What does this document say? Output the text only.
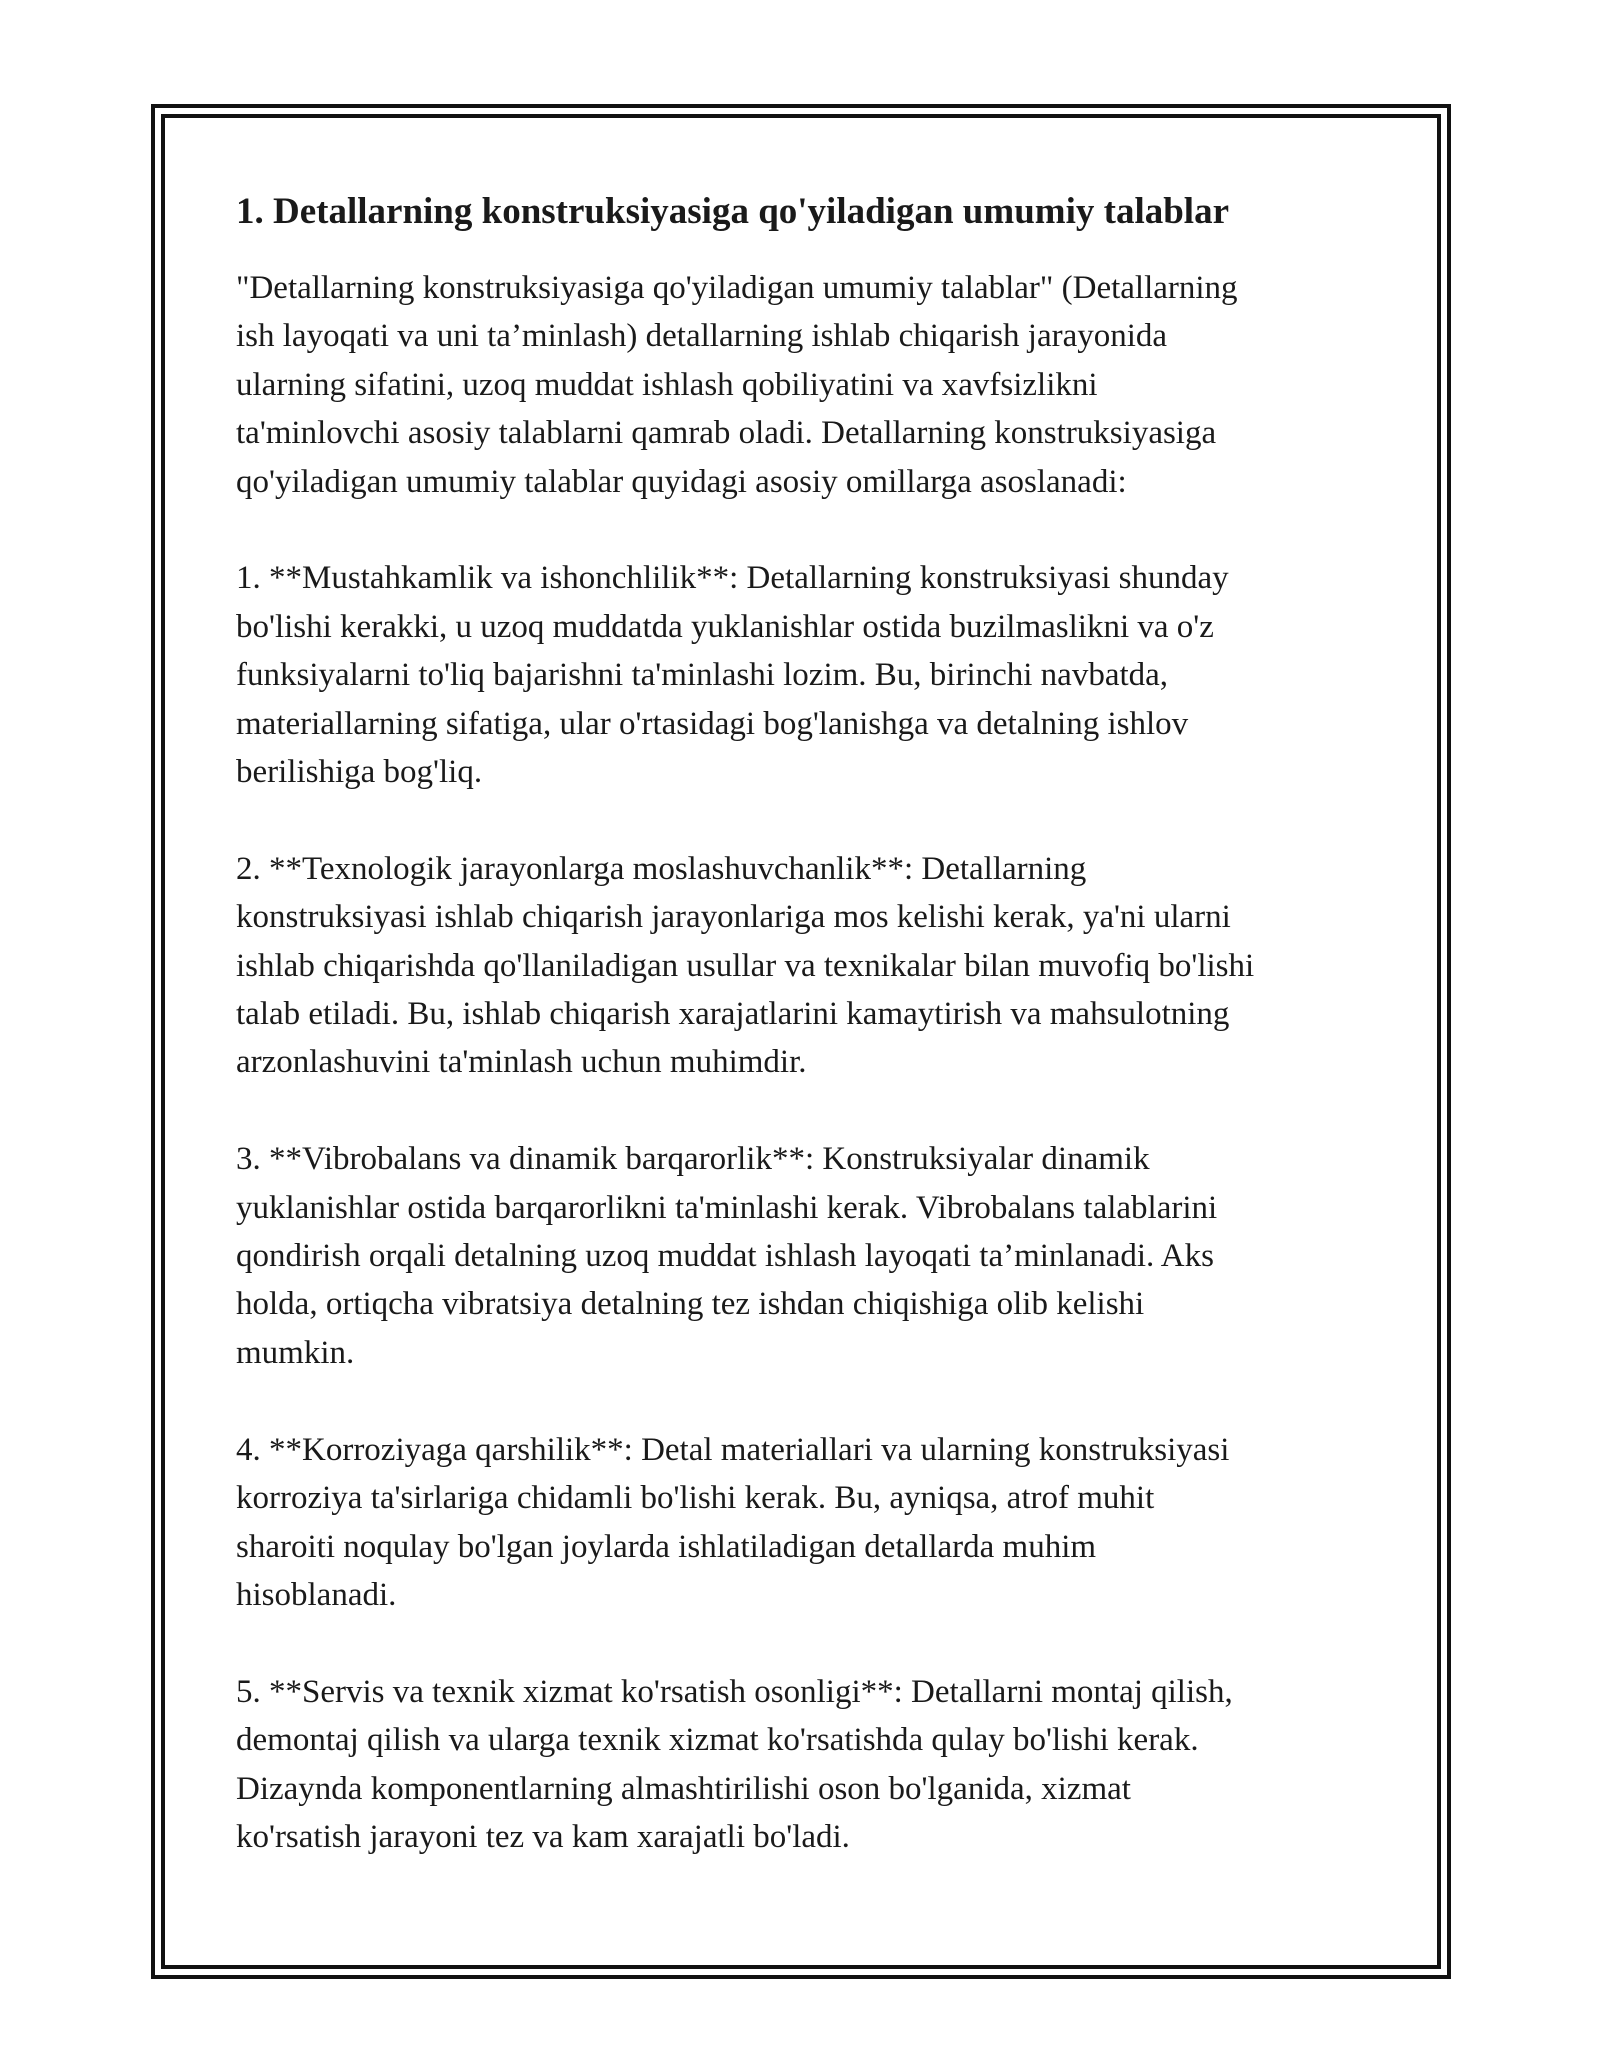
1. Detallarning konstruksiyasiga qo'yiladigan umumiy talablar
"Detallarning konstruksiyasiga qo'yiladigan umumiy talablar" (Detallarning
ish layoqati va uni ta’minlash) detallarning ishlab chiqarish jarayonida
ularning sifatini, uzoq muddat ishlash qobiliyatini va xavfsizlikni
ta'minlovchi asosiy talablarni qamrab oladi. Detallarning konstruksiyasiga
qo'yiladigan umumiy talablar quyidagi asosiy omillarga asoslanadi:
1. **Mustahkamlik va ishonchlilik**: Detallarning konstruksiyasi shunday
bo'lishi kerakki, u uzoq muddatda yuklanishlar ostida buzilmaslikni va o'z
funksiyalarni to'liq bajarishni ta'minlashi lozim. Bu, birinchi navbatda,
materiallarning sifatiga, ular o'rtasidagi bog'lanishga va detalning ishlov
berilishiga bog'liq.
2. **Texnologik jarayonlarga moslashuvchanlik**: Detallarning
konstruksiyasi ishlab chiqarish jarayonlariga mos kelishi kerak, ya'ni ularni
ishlab chiqarishda qo'llaniladigan usullar va texnikalar bilan muvofiq bo'lishi
talab etiladi. Bu, ishlab chiqarish xarajatlarini kamaytirish va mahsulotning
arzonlashuvini ta'minlash uchun muhimdir.
3. **Vibrobalans va dinamik barqarorlik**: Konstruksiyalar dinamik
yuklanishlar ostida barqarorlikni ta'minlashi kerak. Vibrobalans talablarini
qondirish orqali detalning uzoq muddat ishlash layoqati ta’minlanadi. Aks
holda, ortiqcha vibratsiya detalning tez ishdan chiqishiga olib kelishi
mumkin.
4. **Korroziyaga qarshilik**: Detal materiallari va ularning konstruksiyasi
korroziya ta'sirlariga chidamli bo'lishi kerak. Bu, ayniqsa, atrof muhit
sharoiti noqulay bo'lgan joylarda ishlatiladigan detallarda muhim
hisoblanadi.
5. **Servis va texnik xizmat ko'rsatish osonligi**: Detallarni montaj qilish,
demontaj qilish va ularga texnik xizmat ko'rsatishda qulay bo'lishi kerak.
Dizaynda komponentlarning almashtirilishi oson bo'lganida, xizmat
ko'rsatish jarayoni tez va kam xarajatli bo'ladi.
